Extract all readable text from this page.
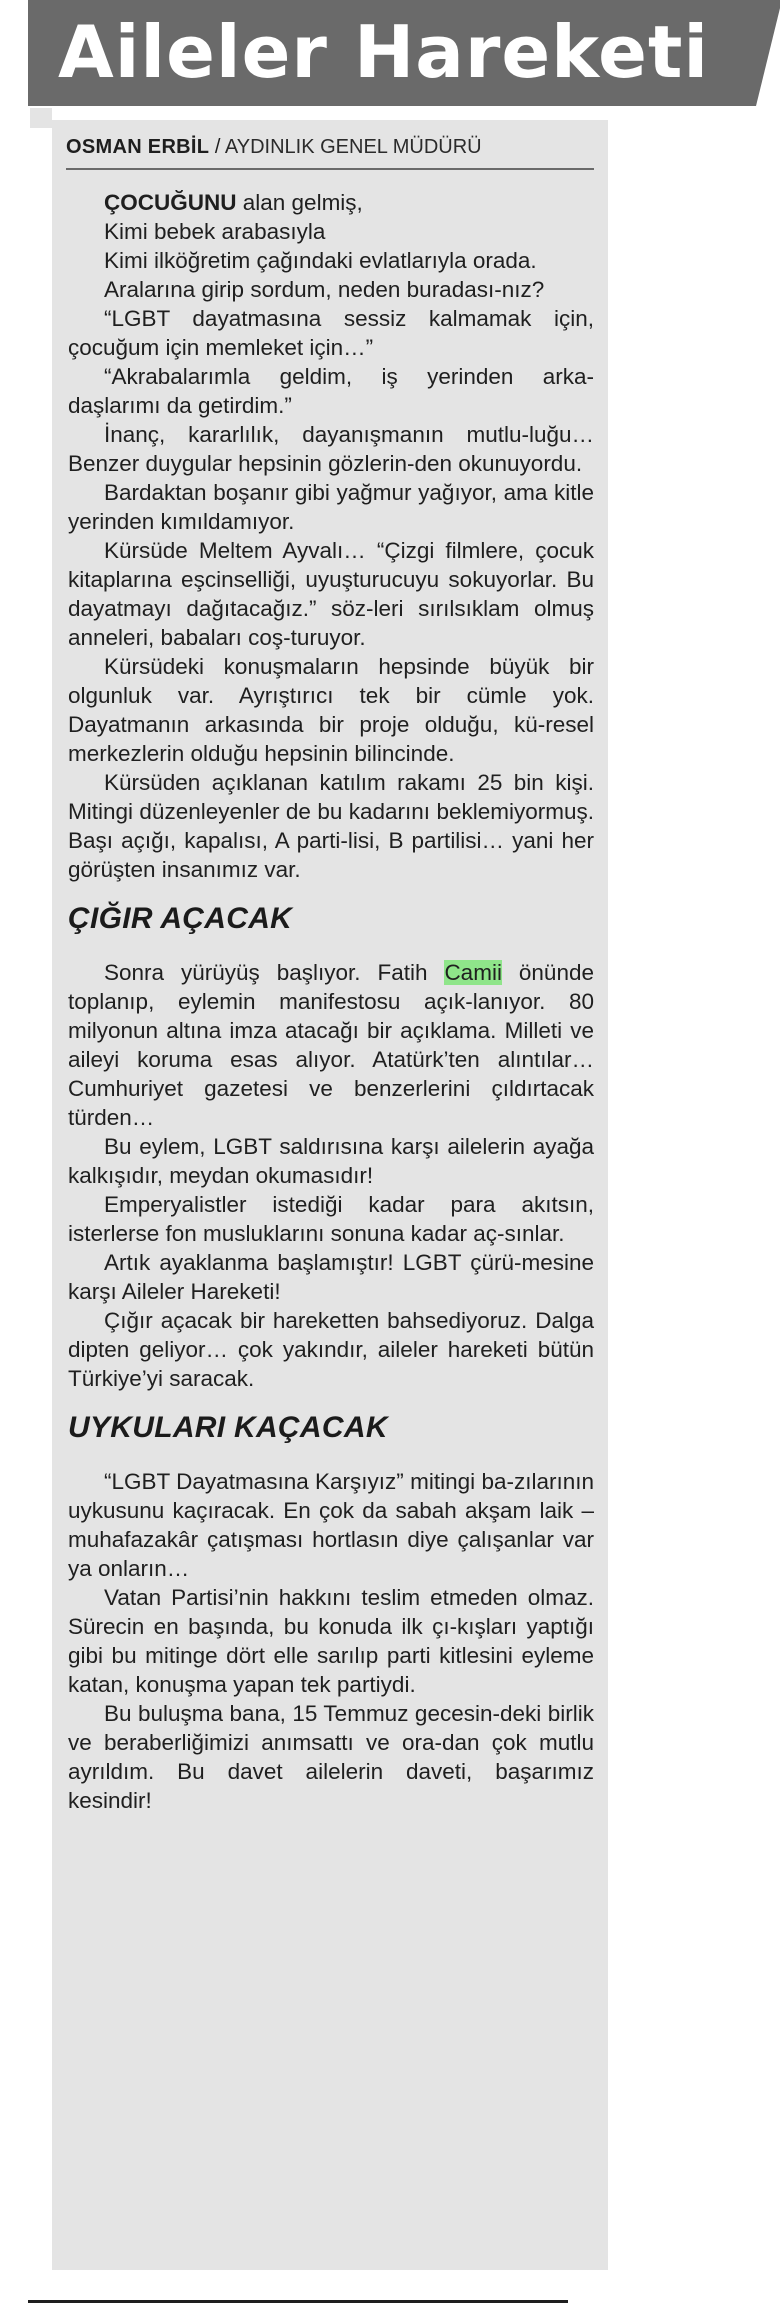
Aileler Hareketi
OSMAN ERBİL / AYDINLIK GENEL MÜDÜRÜ

ÇOCUĞUNU alan gelmiş,

Kimi bebek arabasıyla

Kimi ilköğretim çağındaki evlatlarıyla orada.

Aralarına girip sordum, neden buradası-nız?

“LGBT dayatmasına sessiz kalmamak için, çocuğum için memleket için…”

“Akrabalarımla geldim, iş yerinden arka-daşlarımı da getirdim.”

İnanç, kararlılık, dayanışmanın mutlu-luğu… Benzer duygular hepsinin gözlerin-den okunuyordu.

Bardaktan boşanır gibi yağmur yağıyor, ama kitle yerinden kımıldamıyor.

Kürsüde Meltem Ayvalı… “Çizgi filmlere, çocuk kitaplarına eşcinselliği, uyuşturucuyu sokuyorlar. Bu dayatmayı dağıtacağız.” söz-leri sırılsıklam olmuş anneleri, babaları coş-turuyor.

Kürsüdeki konuşmaların hepsinde büyük bir olgunluk var. Ayrıştırıcı tek bir cümle yok. Dayatmanın arkasında bir proje olduğu, kü-resel merkezlerin olduğu hepsinin bilincinde.

Kürsüden açıklanan katılım rakamı 25 bin kişi. Mitingi düzenleyenler de bu kadarını beklemiyormuş. Başı açığı, kapalısı, A parti-lisi, B partilisi… yani her görüşten insanımız var.

ÇIĞIR AÇACAK

Sonra yürüyüş başlıyor. Fatih Camii önünde toplanıp, eylemin manifestosu açık-lanıyor. 80 milyonun altına imza atacağı bir açıklama. Milleti ve aileyi koruma esas alıyor. Atatürk’ten alıntılar… Cumhuriyet gazetesi ve benzerlerini çıldırtacak türden…

Bu eylem, LGBT saldırısına karşı ailelerin ayağa kalkışıdır, meydan okumasıdır!

Emperyalistler istediği kadar para akıtsın, isterlerse fon musluklarını sonuna kadar aç-sınlar.

Artık ayaklanma başlamıştır! LGBT çürü-mesine karşı Aileler Hareketi!

Çığır açacak bir hareketten bahsediyoruz. Dalga dipten geliyor… çok yakındır, aileler hareketi bütün Türkiye’yi saracak.

UYKULARI KAÇACAK

“LGBT Dayatmasına Karşıyız” mitingi ba-zılarının uykusunu kaçıracak. En çok da sabah akşam laik – muhafazakâr çatışması hortlasın diye çalışanlar var ya onların…

Vatan Partisi’nin hakkını teslim etmeden olmaz. Sürecin en başında, bu konuda ilk çı-kışları yaptığı gibi bu mitinge dört elle sarılıp parti kitlesini eyleme katan, konuşma yapan tek partiydi.

Bu buluşma bana, 15 Temmuz gecesin-deki birlik ve beraberliğimizi anımsattı ve ora-dan çok mutlu ayrıldım. Bu davet ailelerin daveti, başarımız kesindir!
